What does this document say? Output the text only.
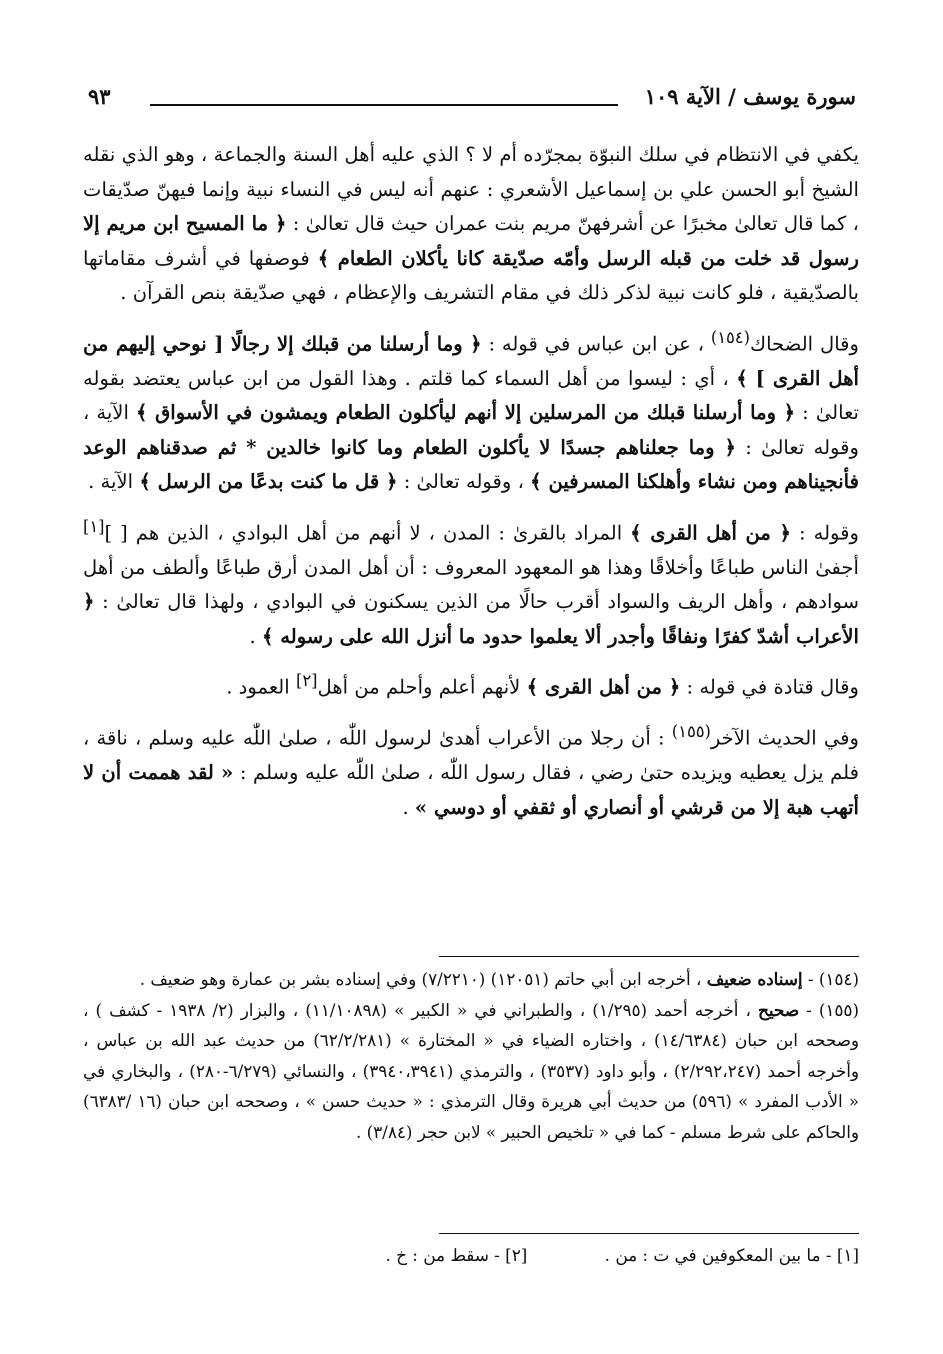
سورة يوسف / الآية ١٠٩
٩٣

يكفي في الانتظام في سلك النبوّة بمجرّده أم لا ؟ الذي عليه أهل السنة والجماعة ، وهو الذي نقله الشيخ أبو الحسن علي بن إسماعيل الأشعري : عنهم أنه ليس في النساء نبية وإنما فيهنّ صدّيقات ، كما قال تعالىٰ مخبرًا عن أشرفهنّ مريم بنت عمران حيث قال تعالىٰ : ﴿ ما المسيح ابن مريم إلا رسول قد خلت من قبله الرسل وأمّه صدّيقة كانا يأكلان الطعام ﴾ فوصفها في أشرف مقاماتها بالصدّيقية ، فلو كانت نبية لذكر ذلك في مقام التشريف والإعظام ، فهي صدّيقة بنص القرآن .

وقال الضحاك$^{(١٥٤)}$ ، عن ابن عباس في قوله : ﴿ وما أرسلنا من قبلك إلا رجالًا [ نوحي إليهم من أهل القرى ] ﴾ ، أي : ليسوا من أهل السماء كما قلتم . وهذا القول من ابن عباس يعتضد بقوله تعالىٰ : ﴿ وما أرسلنا قبلك من المرسلين إلا أنهم ليأكلون الطعام ويمشون في الأسواق ﴾ الآية ، وقوله تعالىٰ : ﴿ وما جعلناهم جسدًا لا يأكلون الطعام وما كانوا خالدين * ثم صدقناهم الوعد فأنجيناهم ومن نشاء وأهلكنا المسرفين ﴾ ، وقوله تعالىٰ : ﴿ قل ما كنت بدعًا من الرسل ﴾ الآية .

وقوله : ﴿ من أهل القرى ﴾ المراد بالقرىٰ : المدن ، لا أنهم من أهل البوادي ، الذين هم [ ][١] أجفىٰ الناس طباعًا وأخلاقًا وهذا هو المعهود المعروف : أن أهل المدن أرق طباعًا وألطف من أهل سوادهم ، وأهل الريف والسواد أقرب حالًا من الذين يسكنون في البوادي ، ولهذا قال تعالىٰ : ﴿ الأعراب أشدّ كفرًا ونفاقًا وأجدر ألا يعلموا حدود ما أنزل الله على رسوله ﴾ .

وقال قتادة في قوله : ﴿ من أهل القرى ﴾ لأنهم أعلم وأحلم من أهل[٢] العمود .

وفي الحديث الآخر$^{(١٥٥)}$ : أن رجلا من الأعراب أهدىٰ لرسول اللّٰه ، صلىٰ اللّٰه عليه وسلم ، ناقة ، فلم يزل يعطيه ويزيده حتىٰ رضي ، فقال رسول اللّٰه ، صلىٰ اللّٰه عليه وسلم : « لقد هممت أن لا أتهب هبة إلا من قرشي أو أنصاري أو ثقفي أو دوسي » .

(١٥٤) - إسناده ضعيف ، أخرجه ابن أبي حاتم (١٢٠٥١) (٧/٢٢١٠) وفي إسناده بشر بن عمارة وهو ضعيف .

(١٥٥) - صحيح ، أخرجه أحمد (١/٢٩٥) ، والطبراني في « الكبير » (١١/١٠٨٩٨) ، والبزار (٢/ ١٩٣٨ - كشف ) ، وصححه ابن حبان (١٤/٦٣٨٤) ، واختاره الضياء في « المختارة » (٦٢/٢/٢٨١) من حديث عبد الله بن عباس ، وأخرجه أحمد (٢/٢٩٢،٢٤٧) ، وأبو داود (٣٥٣٧) ، والترمذي (٣٩٤٠،٣٩٤١) ، والنسائي (٦/٢٧٩-٢٨٠) ، والبخاري في « الأدب المفرد » (٥٩٦) من حديث أبي هريرة وقال الترمذي : « حديث حسن » ، وصححه ابن حبان (١٦ /٦٣٨٣) والحاكم على شرط مسلم - كما في « تلخيص الحبير » لابن حجر (٣/٨٤) .

[١] - ما بين المعكوفين في ت : من . [٢] - سقط من : خ .
